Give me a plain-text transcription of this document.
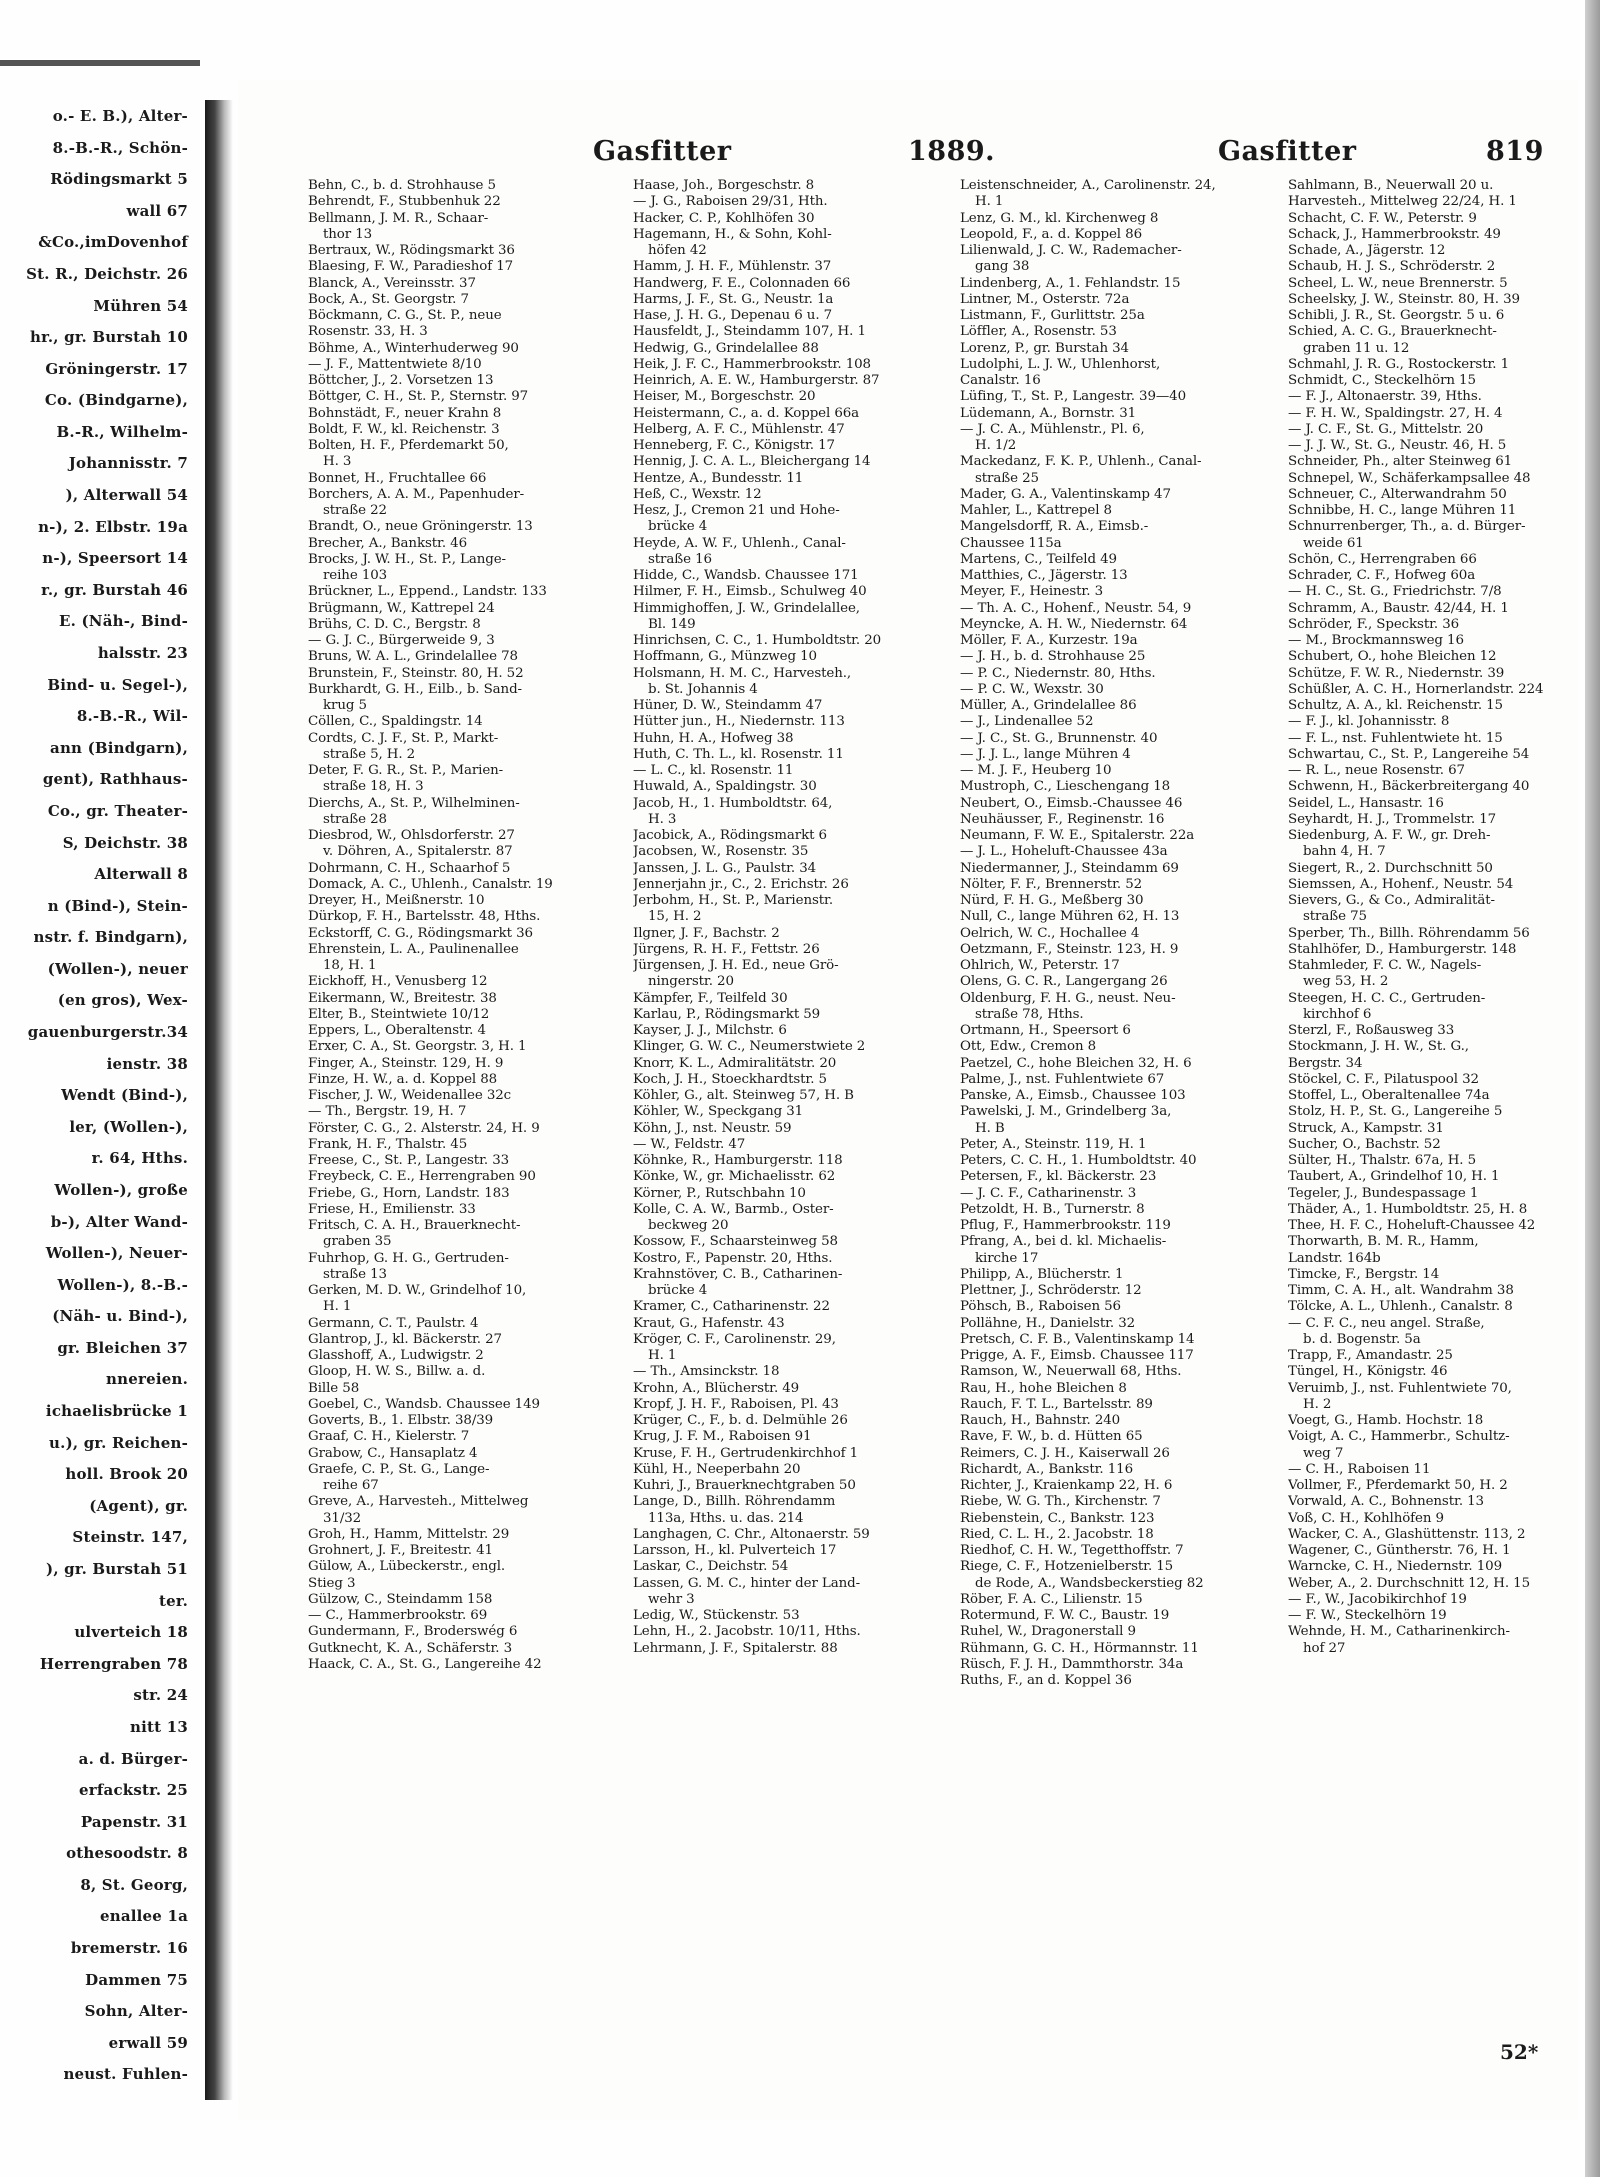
o.- E. B.), Alter-
8.-B.-R., Schön-
Rödingsmarkt 5
wall 67
&Co.,imDovenhof
St. R., Deichstr. 26
Mühren 54
hr., gr. Burstah 10
Gröningerstr. 17
Co. (Bindgarne),
B.-R., Wilhelm-
Johannisstr. 7
), Alterwall 54
n-), 2. Elbstr. 19a
n-), Speersort 14
r., gr. Burstah 46
E. (Näh-, Bind-
halsstr. 23
Bind- u. Segel-),
8.-B.-R., Wil-
ann (Bindgarn),
gent), Rathhaus-
Co., gr. Theater-
S, Deichstr. 38
Alterwall 8
n (Bind-), Stein-
nstr. f. Bindgarn),
(Wollen-), neuer
(en gros), Wex-
gauenburgerstr.34
ienstr. 38
Wendt (Bind-),
ler, (Wollen-),
r. 64, Hths.
Wollen-), große
b-), Alter Wand-
Wollen-), Neuer-
Wollen-), 8.-B.-
(Näh- u. Bind-),
gr. Bleichen 37
nnereien.
ichaelisbrücke 1
u.), gr. Reichen-
holl. Brook 20
(Agent), gr.
Steinstr. 147,
), gr. Burstah 51
ter.
ulverteich 18
Herrengraben 78
str. 24
nitt 13
a. d. Bürger-
erfackstr. 25
Papenstr. 31
othesoodstr. 8
8, St. Georg,
enallee 1a
bremerstr. 16
Dammen 75
Sohn, Alter-
erwall 59
neust. Fuhlen-
Gasfitter	1889.	Gasfitter	819
Behn, C., b. d. Strohhause 5
Behrendt, F., Stubbenhuk 22
Bellmann, J. M. R., Schaar-
thor 13
Bertraux, W., Rödingsmarkt 36
Blaesing, F. W., Paradieshof 17
Blanck, A., Vereinsstr. 37
Bock, A., St. Georgstr. 7
Böckmann, C. G., St. P., neue
Rosenstr. 33, H. 3
Böhme, A., Winterhuderweg 90
— J. F., Mattentwiete 8/10
Böttcher, J., 2. Vorsetzen 13
Böttger, C. H., St. P., Sternstr. 97
Bohnstädt, F., neuer Krahn 8
Boldt, F. W., kl. Reichenstr. 3
Bolten, H. F., Pferdemarkt 50,
H. 3
Bonnet, H., Fruchtallee 66
Borchers, A. A. M., Papenhuder-
straße 22
Brandt, O., neue Gröningerstr. 13
Brecher, A., Bankstr. 46
Brocks, J. W. H., St. P., Lange-
reihe 103
Brückner, L., Eppend., Landstr. 133
Brügmann, W., Kattrepel 24
Brühs, C. D. C., Bergstr. 8
— G. J. C., Bürgerweide 9, 3
Bruns, W. A. L., Grindelallee 78
Brunstein, F., Steinstr. 80, H. 52
Burkhardt, G. H., Eilb., b. Sand-
krug 5
Cöllen, C., Spaldingstr. 14
Cordts, C. J. F., St. P., Markt-
straße 5, H. 2
Deter, F. G. R., St. P., Marien-
straße 18, H. 3
Dierchs, A., St. P., Wilhelminen-
straße 28
Diesbrod, W., Ohlsdorferstr. 27
v. Döhren, A., Spitalerstr. 87
Dohrmann, C. H., Schaarhof 5
Domack, A. C., Uhlenh., Canalstr. 19
Dreyer, H., Meißnerstr. 10
Dürkop, F. H., Bartelsstr. 48, Hths.
Eckstorff, C. G., Rödingsmarkt 36
Ehrenstein, L. A., Paulinenallee
18, H. 1
Eickhoff, H., Venusberg 12
Eikermann, W., Breitestr. 38
Elter, B., Steintwiete 10/12
Eppers, L., Oberaltenstr. 4
Erxer, C. A., St. Georgstr. 3, H. 1
Finger, A., Steinstr. 129, H. 9
Finze, H. W., a. d. Koppel 88
Fischer, J. W., Weidenallee 32c
— Th., Bergstr. 19, H. 7
Förster, C. G., 2. Alsterstr. 24, H. 9
Frank, H. F., Thalstr. 45
Freese, C., St. P., Langestr. 33
Freybeck, C. E., Herrengraben 90
Friebe, G., Horn, Landstr. 183
Friese, H., Emilienstr. 33
Fritsch, C. A. H., Brauerknecht-
graben 35
Fuhrhop, G. H. G., Gertruden-
straße 13
Gerken, M. D. W., Grindelhof 10,
H. 1
Germann, C. T., Paulstr. 4
Glantrop, J., kl. Bäckerstr. 27
Glasshoff, A., Ludwigstr. 2
Gloop, H. W. S., Billw. a. d.
Bille 58
Goebel, C., Wandsb. Chaussee 149
Goverts, B., 1. Elbstr. 38/39
Graaf, C. H., Kielerstr. 7
Grabow, C., Hansaplatz 4
Graefe, C. P., St. G., Lange-
reihe 67
Greve, A., Harvesteh., Mittelweg
31/32
Groh, H., Hamm, Mittelstr. 29
Grohnert, J. F., Breitestr. 41
Gülow, A., Lübeckerstr., engl.
Stieg 3
Gülzow, C., Steindamm 158
— C., Hammerbrookstr. 69
Gundermann, F., Broderswég 6
Gutknecht, K. A., Schäferstr. 3
Haack, C. A., St. G., Langereihe 42
Haase, Joh., Borgeschstr. 8
— J. G., Raboisen 29/31, Hth.
Hacker, C. P., Kohlhöfen 30
Hagemann, H., & Sohn, Kohl-
höfen 42
Hamm, J. H. F., Mühlenstr. 37
Handwerg, F. E., Colonnaden 66
Harms, J. F., St. G., Neustr. 1a
Hase, J. H. G., Depenau 6 u. 7
Hausfeldt, J., Steindamm 107, H. 1
Hedwig, G., Grindelallee 88
Heik, J. F. C., Hammerbrookstr. 108
Heinrich, A. E. W., Hamburgerstr. 87
Heiser, M., Borgeschstr. 20
Heistermann, C., a. d. Koppel 66a
Helberg, A. F. C., Mühlenstr. 47
Henneberg, F. C., Königstr. 17
Hennig, J. C. A. L., Bleichergang 14
Hentze, A., Bundesstr. 11
Heß, C., Wexstr. 12
Hesz, J., Cremon 21 und Hohe-
brücke 4
Heyde, A. W. F., Uhlenh., Canal-
straße 16
Hidde, C., Wandsb. Chaussee 171
Hilmer, F. H., Eimsb., Schulweg 40
Himmighoffen, J. W., Grindelallee,
Bl. 149
Hinrichsen, C. C., 1. Humboldtstr. 20
Hoffmann, G., Münzweg 10
Holsmann, H. M. C., Harvesteh.,
b. St. Johannis 4
Hüner, D. W., Steindamm 47
Hütter jun., H., Niedernstr. 113
Huhn, H. A., Hofweg 38
Huth, C. Th. L., kl. Rosenstr. 11
— L. C., kl. Rosenstr. 11
Huwald, A., Spaldingstr. 30
Jacob, H., 1. Humboldtstr. 64,
H. 3
Jacobick, A., Rödingsmarkt 6
Jacobsen, W., Rosenstr. 35
Janssen, J. L. G., Paulstr. 34
Jennerjahn jr., C., 2. Erichstr. 26
Jerbohm, H., St. P., Marienstr.
15, H. 2
Ilgner, J. F., Bachstr. 2
Jürgens, R. H. F., Fettstr. 26
Jürgensen, J. H. Ed., neue Grö-
ningerstr. 20
Kämpfer, F., Teilfeld 30
Karlau, P., Rödingsmarkt 59
Kayser, J. J., Milchstr. 6
Klinger, G. W. C., Neumerstwiete 2
Knorr, K. L., Admiralitätstr. 20
Koch, J. H., Stoeckhardtstr. 5
Köhler, G., alt. Steinweg 57, H. B
Köhler, W., Speckgang 31
Köhn, J., nst. Neustr. 59
— W., Feldstr. 47
Köhnke, R., Hamburgerstr. 118
Könke, W., gr. Michaelisstr. 62
Körner, P., Rutschbahn 10
Kolle, C. A. W., Barmb., Oster-
beckweg 20
Kossow, F., Schaarsteinweg 58
Kostro, F., Papenstr. 20, Hths.
Krahnstöver, C. B., Catharinen-
brücke 4
Kramer, C., Catharinenstr. 22
Kraut, G., Hafenstr. 43
Kröger, C. F., Carolinenstr. 29,
H. 1
— Th., Amsinckstr. 18
Krohn, A., Blücherstr. 49
Kropf, J. H. F., Raboisen, Pl. 43
Krüger, C., F., b. d. Delmühle 26
Krug, J. F. M., Raboisen 91
Kruse, F. H., Gertrudenkirchhof 1
Kühl, H., Neeperbahn 20
Kuhri, J., Brauerknechtgraben 50
Lange, D., Billh. Röhrendamm
113a, Hths. u. das. 214
Langhagen, C. Chr., Altonaerstr. 59
Larsson, H., kl. Pulverteich 17
Laskar, C., Deichstr. 54
Lassen, G. M. C., hinter der Land-
wehr 3
Ledig, W., Stückenstr. 53
Lehn, H., 2. Jacobstr. 10/11, Hths.
Lehrmann, J. F., Spitalerstr. 88
Leistenschneider, A., Carolinenstr. 24,
H. 1
Lenz, G. M., kl. Kirchenweg 8
Leopold, F., a. d. Koppel 86
Lilienwald, J. C. W., Rademacher-
gang 38
Lindenberg, A., 1. Fehlandstr. 15
Lintner, M., Osterstr. 72a
Listmann, F., Gurlittstr. 25a
Löffler, A., Rosenstr. 53
Lorenz, P., gr. Burstah 34
Ludolphi, L. J. W., Uhlenhorst,
Canalstr. 16
Lüfing, T., St. P., Langestr. 39—40
Lüdemann, A., Bornstr. 31
— J. C. A., Mühlenstr., Pl. 6,
H. 1/2
Mackedanz, F. K. P., Uhlenh., Canal-
straße 25
Mader, G. A., Valentinskamp 47
Mahler, L., Kattrepel 8
Mangelsdorff, R. A., Eimsb.-
Chaussee 115a
Martens, C., Teilfeld 49
Matthies, C., Jägerstr. 13
Meyer, F., Heinestr. 3
— Th. A. C., Hohenf., Neustr. 54, 9
Meyncke, A. H. W., Niedernstr. 64
Möller, F. A., Kurzestr. 19a
— J. H., b. d. Strohhause 25
— P. C., Niedernstr. 80, Hths.
— P. C. W., Wexstr. 30
Müller, A., Grindelallee 86
— J., Lindenallee 52
— J. C., St. G., Brunnenstr. 40
— J. J. L., lange Mühren 4
— M. J. F., Heuberg 10
Mustroph, C., Lieschengang 18
Neubert, O., Eimsb.-Chaussee 46
Neuhäusser, F., Reginenstr. 16
Neumann, F. W. E., Spitalerstr. 22a
— J. L., Hoheluft-Chaussee 43a
Niedermanner, J., Steindamm 69
Nölter, F. F., Brennerstr. 52
Nürd, F. H. G., Meßberg 30
Null, C., lange Mühren 62, H. 13
Oelrich, W. C., Hochallee 4
Oetzmann, F., Steinstr. 123, H. 9
Ohlrich, W., Peterstr. 17
Olens, G. C. R., Langergang 26
Oldenburg, F. H. G., neust. Neu-
straße 78, Hths.
Ortmann, H., Speersort 6
Ott, Edw., Cremon 8
Paetzel, C., hohe Bleichen 32, H. 6
Palme, J., nst. Fuhlentwiete 67
Panske, A., Eimsb., Chaussee 103
Pawelski, J. M., Grindelberg 3a,
H. B
Peter, A., Steinstr. 119, H. 1
Peters, C. C. H., 1. Humboldtstr. 40
Petersen, F., kl. Bäckerstr. 23
— J. C. F., Catharinenstr. 3
Petzoldt, H. B., Turnerstr. 8
Pflug, F., Hammerbrookstr. 119
Pfrang, A., bei d. kl. Michaelis-
kirche 17
Philipp, A., Blücherstr. 1
Plettner, J., Schröderstr. 12
Pöhsch, B., Raboisen 56
Pollähne, H., Danielstr. 32
Pretsch, C. F. B., Valentinskamp 14
Prigge, A. F., Eimsb. Chaussee 117
Ramson, W., Neuerwall 68, Hths.
Rau, H., hohe Bleichen 8
Rauch, F. T. L., Bartelsstr. 89
Rauch, H., Bahnstr. 240
Rave, F. W., b. d. Hütten 65
Reimers, C. J. H., Kaiserwall 26
Richardt, A., Bankstr. 116
Richter, J., Kraienkamp 22, H. 6
Riebe, W. G. Th., Kirchenstr. 7
Riebenstein, C., Bankstr. 123
Ried, C. L. H., 2. Jacobstr. 18
Riedhof, C. H. W., Tegetthoffstr. 7
Riege, C. F., Hotzenielberstr. 15
de Rode, A., Wandsbeckerstieg 82
Röber, F. A. C., Lilienstr. 15
Rotermund, F. W. C., Baustr. 19
Ruhel, W., Dragonerstall 9
Rühmann, G. C. H., Hörmannstr. 11
Rüsch, F. J. H., Dammthorstr. 34a
Ruths, F., an d. Koppel 36
Sahlmann, B., Neuerwall 20 u.
Harvesteh., Mittelweg 22/24, H. 1
Schacht, C. F. W., Peterstr. 9
Schack, J., Hammerbrookstr. 49
Schade, A., Jägerstr. 12
Schaub, H. J. S., Schröderstr. 2
Scheel, L. W., neue Brennerstr. 5
Scheelsky, J. W., Steinstr. 80, H. 39
Schibli, J. R., St. Georgstr. 5 u. 6
Schied, A. C. G., Brauerknecht-
graben 11 u. 12
Schmahl, J. R. G., Rostockerstr. 1
Schmidt, C., Steckelhörn 15
— F. J., Altonaerstr. 39, Hths.
— F. H. W., Spaldingstr. 27, H. 4
— J. C. F., St. G., Mittelstr. 20
— J. J. W., St. G., Neustr. 46, H. 5
Schneider, Ph., alter Steinweg 61
Schnepel, W., Schäferkampsallee 48
Schneuer, C., Alterwandrahm 50
Schnibbe, H. C., lange Mühren 11
Schnurrenberger, Th., a. d. Bürger-
weide 61
Schön, C., Herrengraben 66
Schrader, C. F., Hofweg 60a
— H. C., St. G., Friedrichstr. 7/8
Schramm, A., Baustr. 42/44, H. 1
Schröder, F., Speckstr. 36
— M., Brockmannsweg 16
Schubert, O., hohe Bleichen 12
Schütze, F. W. R., Niedernstr. 39
Schüßler, A. C. H., Hornerlandstr. 224
Schultz, A. A., kl. Reichenstr. 15
— F. J., kl. Johannisstr. 8
— F. L., nst. Fuhlentwiete ht. 15
Schwartau, C., St. P., Langereihe 54
— R. L., neue Rosenstr. 67
Schwenn, H., Bäckerbreitergang 40
Seidel, L., Hansastr. 16
Seyhardt, H. J., Trommelstr. 17
Siedenburg, A. F. W., gr. Dreh-
bahn 4, H. 7
Siegert, R., 2. Durchschnitt 50
Siemssen, A., Hohenf., Neustr. 54
Sievers, G., & Co., Admiralität-
straße 75
Sperber, Th., Billh. Röhrendamm 56
Stahlhöfer, D., Hamburgerstr. 148
Stahmleder, F. C. W., Nagels-
weg 53, H. 2
Steegen, H. C. C., Gertruden-
kirchhof 6
Sterzl, F., Roßausweg 33
Stockmann, J. H. W., St. G.,
Bergstr. 34
Stöckel, C. F., Pilatuspool 32
Stoffel, L., Oberaltenallee 74a
Stolz, H. P., St. G., Langereihe 5
Struck, A., Kampstr. 31
Sucher, O., Bachstr. 52
Sülter, H., Thalstr. 67a, H. 5
Taubert, A., Grindelhof 10, H. 1
Tegeler, J., Bundespassage 1
Thäder, A., 1. Humboldtstr. 25, H. 8
Thee, H. F. C., Hoheluft-Chaussee 42
Thorwarth, B. M. R., Hamm,
Landstr. 164b
Timcke, F., Bergstr. 14
Timm, C. A. H., alt. Wandrahm 38
Tölcke, A. L., Uhlenh., Canalstr. 8
— C. F. C., neu angel. Straße,
b. d. Bogenstr. 5a
Trapp, F., Amandastr. 25
Tüngel, H., Königstr. 46
Veruimb, J., nst. Fuhlentwiete 70,
H. 2
Voegt, G., Hamb. Hochstr. 18
Voigt, A. C., Hammerbr., Schultz-
weg 7
— C. H., Raboisen 11
Vollmer, F., Pferdemarkt 50, H. 2
Vorwald, A. C., Bohnenstr. 13
Voß, C. H., Kohlhöfen 9
Wacker, C. A., Glashüttenstr. 113, 2
Wagener, C., Güntherstr. 76, H. 1
Warncke, C. H., Niedernstr. 109
Weber, A., 2. Durchschnitt 12, H. 15
— F., W., Jacobikirchhof 19
— F. W., Steckelhörn 19
Wehnde, H. M., Catharinenkirch-
hof 27
52*
